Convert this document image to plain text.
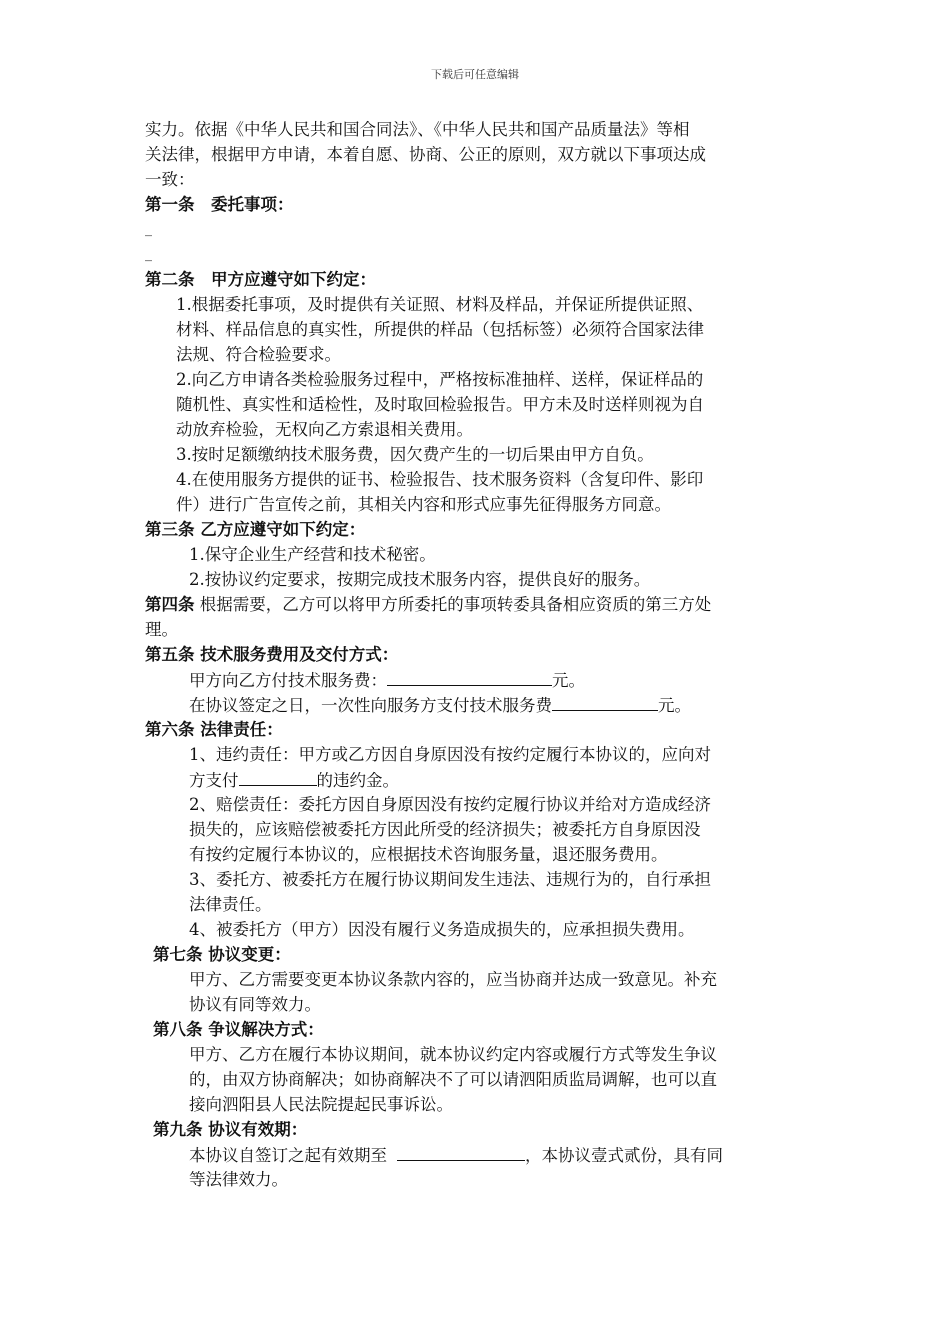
下载后可任意编辑
实力。依据《中华人民共和国合同法》、《中华人民共和国产品质量法》等相
关法律，根据甲方申请，本着自愿、协商、公正的原则，双方就以下事项达成
一致：
第一条　委托事项：
_
_
第二条　甲方应遵守如下约定：
1.根据委托事项，及时提供有关证照、材料及样品，并保证所提供证照、
材料、样品信息的真实性，所提供的样品（包括标签）必须符合国家法律
法规、符合检验要求。
2.向乙方申请各类检验服务过程中，严格按标准抽样、送样，保证样品的
随机性、真实性和适检性，及时取回检验报告。甲方未及时送样则视为自
动放弃检验，无权向乙方索退相关费用。
3.按时足额缴纳技术服务费，因欠费产生的一切后果由甲方自负。
4.在使用服务方提供的证书、检验报告、技术服务资料（含复印件、影印
件）进行广告宣传之前，其相关内容和形式应事先征得服务方同意。
第三条 乙方应遵守如下约定：
1.保守企业生产经营和技术秘密。
2.按协议约定要求，按期完成技术服务内容，提供良好的服务。
第四条 根据需要，乙方可以将甲方所委托的事项转委具备相应资质的第三方处
理。
第五条 技术服务费用及交付方式：
甲方向乙方付技术服务费：	元。
在协议签定之日，一次性向服务方支付技术服务费	元。
第六条 法律责任：
1、违约责任：甲方或乙方因自身原因没有按约定履行本协议的，应向对
方支付	的违约金。
2、赔偿责任：委托方因自身原因没有按约定履行协议并给对方造成经济
损失的，应该赔偿被委托方因此所受的经济损失；被委托方自身原因没
有按约定履行本协议的，应根据技术咨询服务量，退还服务费用。
3、委托方、被委托方在履行协议期间发生违法、违规行为的，自行承担
法律责任。
4、被委托方（甲方）因没有履行义务造成损失的，应承担损失费用。
第七条 协议变更：
甲方、乙方需要变更本协议条款内容的，应当协商并达成一致意见。补充
协议有同等效力。
第八条 争议解决方式：
甲方、乙方在履行本协议期间，就本协议约定内容或履行方式等发生争议
的，由双方协商解决；如协商解决不了可以请泗阳质监局调解，也可以直
接向泗阳县人民法院提起民事诉讼。
第九条 协议有效期：
本协议自签订之起有效期至	，本协议壹式贰份，具有同
等法律效力。
